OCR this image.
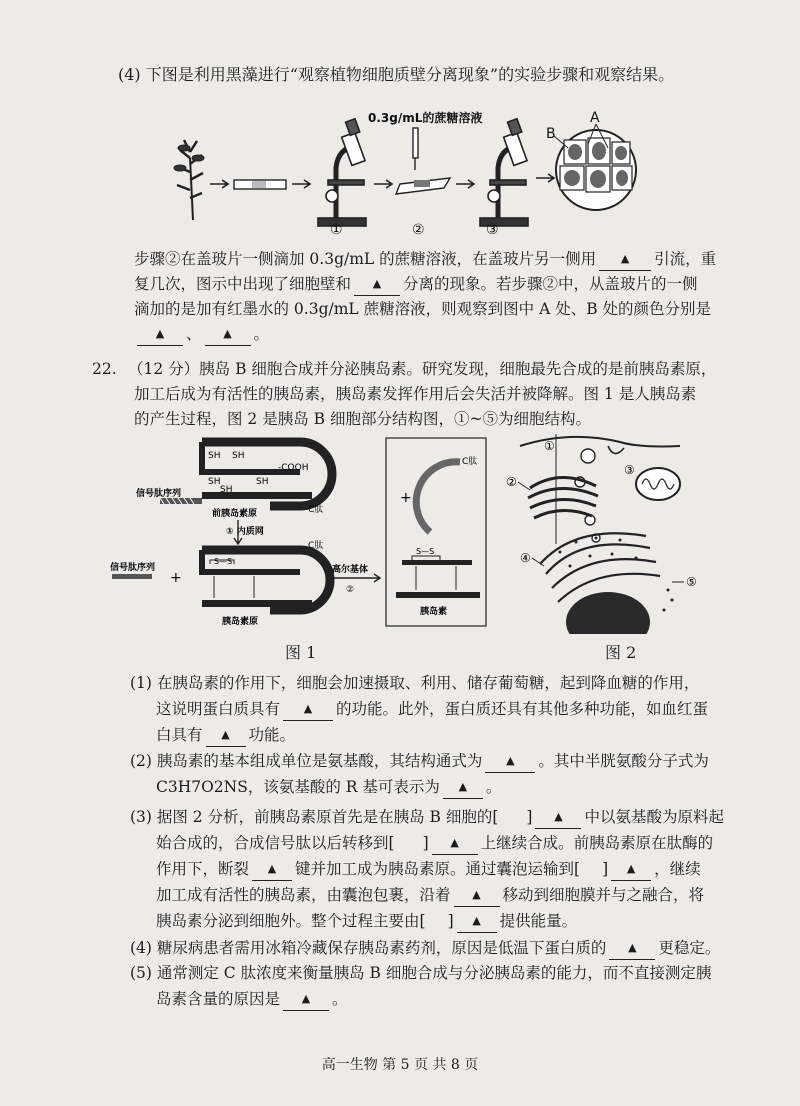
(4) 下图是利用黑藻进行“观察植物细胞质壁分离现象”的实验步骤和观察结果。
①
0.3g/mL的蔗糖溶液
②	③
B
A
步骤②在盖玻片一侧滴加 0.3g/mL 的蔗糖溶液，在盖玻片另一侧用 ▲ 引流，重
复几次，图示中出现了细胞壁和 ▲ 分离的现象。若步骤②中，从盖玻片的一侧
滴加的是加有红墨水的 0.3g/mL 蔗糖溶液，则观察到图中 A 处、B 处的颜色分别是
▲ 、 ▲ 。
22. （12 分）胰岛 B 细胞合成并分泌胰岛素。研究发现，细胞最先合成的是前胰岛素原，
加工后成为有活性的胰岛素，胰岛素发挥作用后会失活并被降解。图 1 是人胰岛素
的产生过程，图 2 是胰岛 B 细胞部分结构图，①~⑤为细胞结构。
SH SH
SH	SH
SH
-COOH
C肽
信号肽序列
前胰岛素原
① 内质网
信号肽序列
+
S—S
C肽
胰岛素原
高尔基体
②
C肽
+
S—S
胰岛素
①
②
③
④
⑤
图 1	图 2
(1) 在胰岛素的作用下，细胞会加速摄取、利用、储存葡萄糖，起到降血糖的作用，
这说明蛋白质具有 ▲ 的功能。此外，蛋白质还具有其他多种功能，如血红蛋
白具有 ▲ 功能。
(2) 胰岛素的基本组成单位是氨基酸，其结构通式为 ▲ 。其中半胱氨酸分子式为
C3H7O2NS，该氨基酸的 R 基可表示为 ▲ 。
(3) 据图 2 分析，前胰岛素原首先是在胰岛 B 细胞的[ ] ▲ 中以氨基酸为原料起
始合成的，合成信号肽以后转移到[ ] ▲ 上继续合成。前胰岛素原在肽酶的
作用下，断裂 ▲ 键并加工成为胰岛素原。通过囊泡运输到[ ] ▲ ，继续
加工成有活性的胰岛素，由囊泡包裹，沿着 ▲ 移动到细胞膜并与之融合，将
胰岛素分泌到细胞外。整个过程主要由[ ] ▲ 提供能量。
(4) 糖尿病患者需用冰箱冷藏保存胰岛素药剂，原因是低温下蛋白质的 ▲ 更稳定。
(5) 通常测定 C 肽浓度来衡量胰岛 B 细胞合成与分泌胰岛素的能力，而不直接测定胰
岛素含量的原因是 ▲ 。
高一生物 第 5 页 共 8 页
